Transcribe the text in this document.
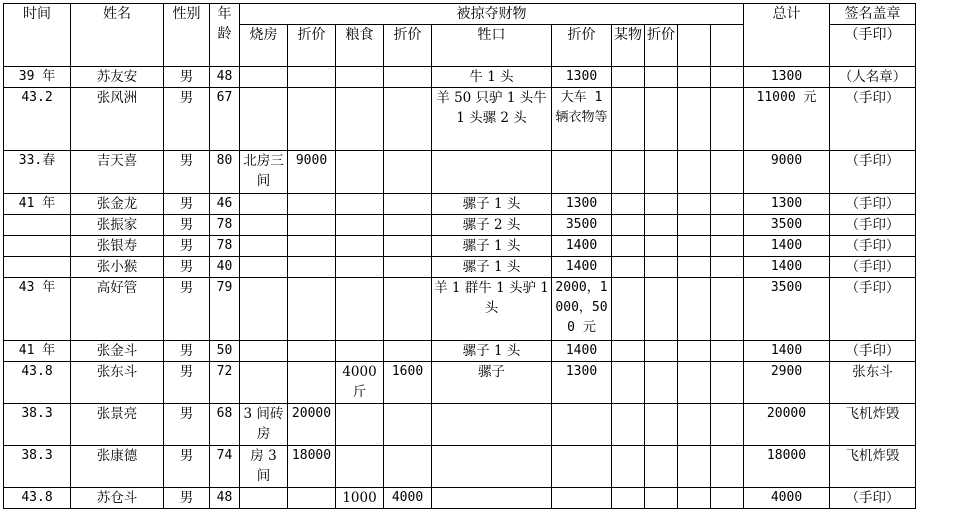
时间	姓名	性别	年龄	被掠夺财物										总计	签名盖章
				烧房	折价	粮食	折价	牲口	折价	某物	折价				（手印）
39 年	苏友安	男	48					牛 1 头	1300					1300	（人名章）
43.2	张风洲	男	67					羊 50 只驴 1 头牛 1 头骡 2 头	大车 1 辆衣物等					11000 元	（手印）
33.春	吉天喜	男	80	北房三间	9000									9000	（手印）
41 年	张金龙	男	46					骡子 1 头	1300					1300	（手印）
	张振家	男	78					骡子 2 头	3500					3500	（手印）
	张银寿	男	78					骡子 1 头	1400					1400	（手印）
	张小猴	男	40					骡子 1 头	1400					1400	（手印）
43 年	高好管	男	79					羊 1 群牛 1 头驴 1 头	2000，1000，500 元					3500	（手印）
41 年	张金斗	男	50					骡子 1 头	1400					1400	（手印）
43.8	张东斗	男	72			4000 斤	1600	骡子	1300					2900	张东斗
38.3	张景亮	男	68	3 间砖房	20000									20000	飞机炸毁
38.3	张康德	男	74	房 3 间	18000									18000	飞机炸毁
43.8	苏仓斗	男	48			1000	4000							4000	（手印）
